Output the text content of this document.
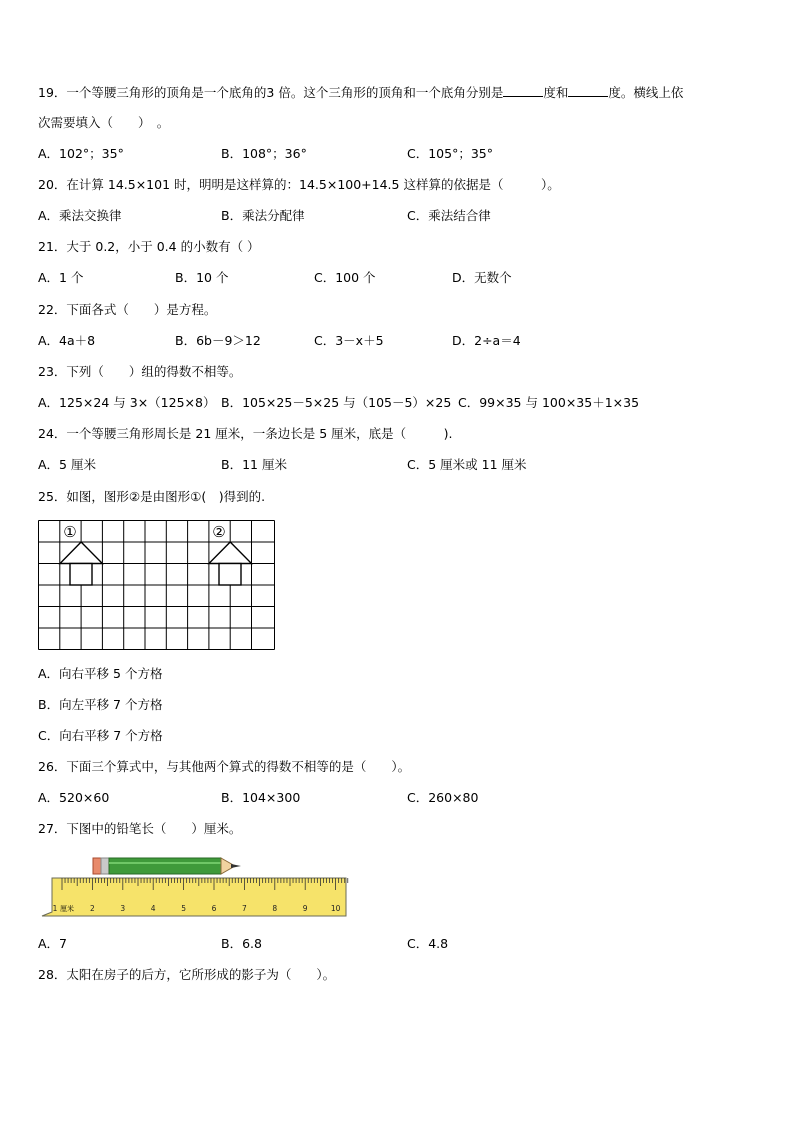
19．一个等腰三角形的顶角是一个底角的3 倍。这个三角形的顶角和一个底角分别是	度和	度。横线上依
次需要填入（　　）　。
A．102°；35°	B．108°；36°	C．105°；35°
20．在计算 14.5×101 时，明明是这样算的：14.5×100+14.5 这样算的依据是（　　　）。
A．乘法交换律	B．乘法分配律	C．乘法结合律
21．大于 0.2，小于 0.4 的小数有（ ）
A．1 个	B．10 个	C．100 个	D．无数个
22．下面各式（　　）是方程。
A．4a＋8	B．6b－9＞12	C．3－x＋5	D．2÷a＝4
23．下列（　　）组的得数不相等。
A．125×24 与 3×（125×8） B．105×25－5×25 与（105－5）×25 C．99×35 与 100×35＋1×35
24．一个等腰三角形周长是 21 厘米，一条边长是 5 厘米，底是（　　　).
A．5 厘米	B．11 厘米	C．5 厘米或 11 厘米
25．如图，图形②是由图形①(　)得到的.
①	②
A．向右平移 5 个方格
B．向左平移 7 个方格
C．向右平移 7 个方格
26．下面三个算式中，与其他两个算式的得数不相等的是（　　）。
A．520×60	B．104×300	C．260×80
27．下图中的铅笔长（　　）厘米。
厘米 2	3	4	5	6	7	8	9	10
1
A．7	B．6.8	C．4.8
28．太阳在房子的后方，它所形成的影子为（　　）。
